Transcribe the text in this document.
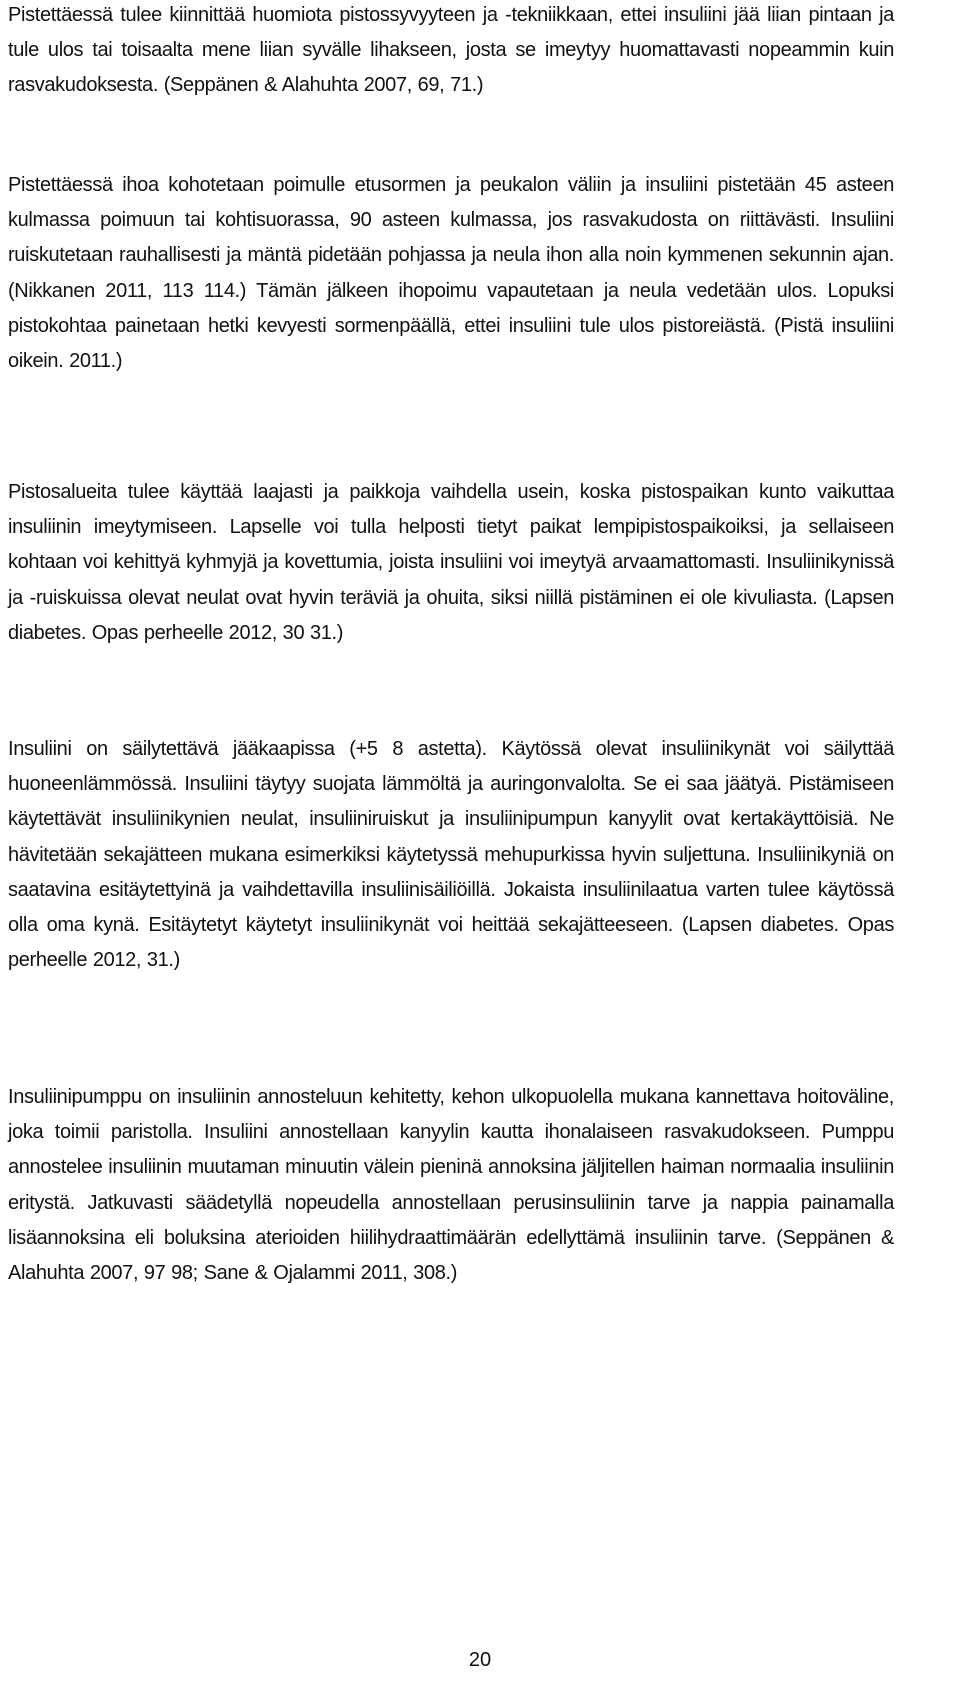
Pistettäessä tulee kiinnittää huomiota pistossyvyyteen ja -tekniikkaan, ettei insuliini jää liian pintaan ja tule ulos tai toisaalta mene liian syvälle lihakseen, josta se imeytyy huomattavasti nopeammin kuin rasvakudoksesta. (Seppänen & Alahuhta 2007, 69, 71.)

Pistettäessä ihoa kohotetaan poimulle etusormen ja peukalon väliin ja insuliini pistetään 45 asteen kulmassa poimuun tai kohtisuorassa, 90 asteen kulmassa, jos rasvakudosta on riittävästi. Insuliini ruiskutetaan rauhallisesti ja mäntä pidetään pohjassa ja neula ihon alla noin kymmenen sekunnin ajan. (Nikkanen 2011, 113 114.) Tämän jälkeen ihopoimu vapautetaan ja neula vedetään ulos. Lopuksi pistokohtaa painetaan hetki kevyesti sormenpäällä, ettei insuliini tule ulos pistoreiästä. (Pistä insuliini oikein. 2011.)

Pistosalueita tulee käyttää laajasti ja paikkoja vaihdella usein, koska pistospaikan kunto vaikuttaa insuliinin imeytymiseen. Lapselle voi tulla helposti tietyt paikat lempipistospaikoiksi, ja sellaiseen kohtaan voi kehittyä kyhmyjä ja kovettumia, joista insuliini voi imeytyä arvaamattomasti. Insuliinikynissä ja -ruiskuissa olevat neulat ovat hyvin teräviä ja ohuita, siksi niillä pistäminen ei ole kivuliasta. (Lapsen diabetes. Opas perheelle 2012, 30 31.)

Insuliini on säilytettävä jääkaapissa (+5 8 astetta). Käytössä olevat insuliinikynät voi säilyttää huoneenlämmössä. Insuliini täytyy suojata lämmöltä ja auringonvalolta. Se ei saa jäätyä. Pistämiseen käytettävät insuliinikynien neulat, insuliiniruiskut ja insuliinipumpun kanyylit ovat kertakäyttöisiä. Ne hävitetään sekajätteen mukana esimerkiksi käytetyssä mehupurkissa hyvin suljettuna. Insuliinikyniä on saatavina esitäytettyinä ja vaihdettavilla insuliinisäiliöillä. Jokaista insuliinilaatua varten tulee käytössä olla oma kynä. Esitäytetyt käytetyt insuliinikynät voi heittää sekajätteeseen. (Lapsen diabetes. Opas perheelle 2012, 31.)

Insuliinipumppu on insuliinin annosteluun kehitetty, kehon ulkopuolella mukana kannettava hoitoväline, joka toimii paristolla. Insuliini annostellaan kanyylin kautta ihonalaiseen rasvakudokseen. Pumppu annostelee insuliinin muutaman minuutin välein pieninä annoksina jäljitellen haiman normaalia insuliinin eritystä. Jatkuvasti säädetyllä nopeudella annostellaan perusinsuliinin tarve ja nappia painamalla lisäannoksina eli boluksina aterioiden hiilihydraattimäärän edellyttämä insuliinin tarve. (Seppänen & Alahuhta 2007, 97 98; Sane & Ojalammi 2011, 308.)

20
